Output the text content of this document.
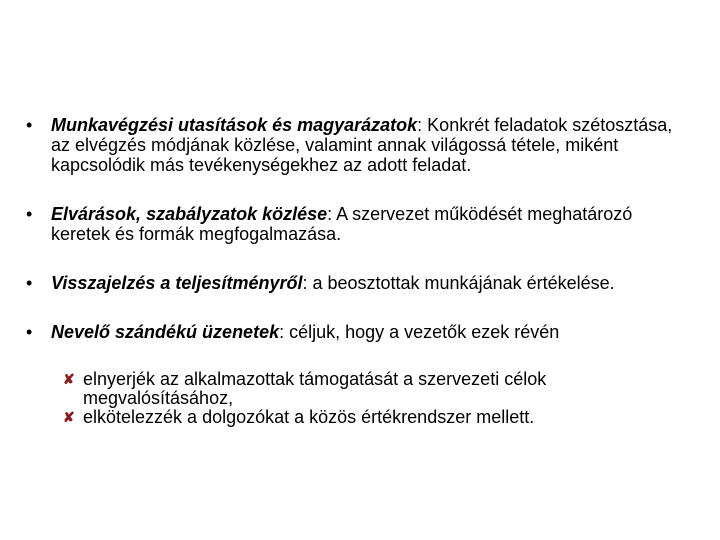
•	Munkavégzési utasítások és magyarázatok: Konkrét feladatok szétosztása, az elvégzés módjának közlése, valamint annak világossá tétele, miként kapcsolódik más tevékenységekhez az adott feladat.
•	Elvárások, szabályzatok közlése: A szervezet működését meghatározó keretek és formák megfogalmazása.
•	Visszajelzés a teljesítményről: a beosztottak munkájának értékelése.
•	Nevelő szándékú üzenetek: céljuk, hogy a vezetők ezek révén
✘ elnyerjék az alkalmazottak támogatását a szervezeti célok megvalósításához,
✘ elkötelezzék a dolgozókat a közös értékrendszer mellett.
